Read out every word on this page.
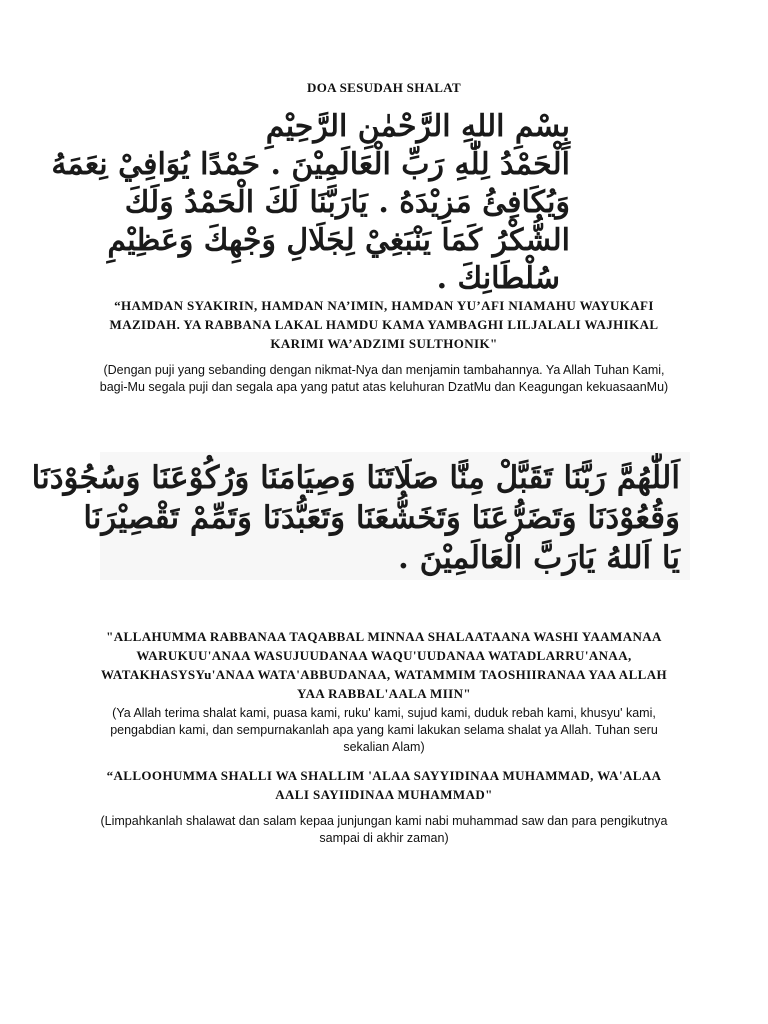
DOA SESUDAH SHALAT
بِسْمِ اللهِ الرَّحْمٰنِ الرَّحِيْمِ
اَلْحَمْدُ لِلّٰهِ رَبِّ الْعَالَمِيْنَ . حَمْدًا يُوَافِيْ نِعَمَهُ
وَيُكَافِئُ مَزِيْدَهُ . يَارَبَّنَا لَكَ الْحَمْدُ وَلَكَ
الشُّكْرُ كَمَا يَنْبَغِيْ لِجَلَالِ وَجْهِكَ وَعَظِيْمِ
سُلْطَانِكَ .
“HAMDAN SYAKIRIN, HAMDAN NA’IMIN, HAMDAN YU’AFI NIAMAHU WAYUKAFI MAZIDAH. YA RABBANA LAKAL HAMDU KAMA YAMBAGHI LILJALALI WAJHIKAL KARIMI WA’ADZIMI SULTHONIK"
(Dengan puji yang sebanding dengan nikmat-Nya dan menjamin tambahannya. Ya Allah Tuhan Kami, bagi-Mu segala puji dan segala apa yang patut atas keluhuran DzatMu dan Keagungan kekuasaanMu)
اَللّٰهُمَّ رَبَّنَا تَقَبَّلْ مِنَّا صَلَاتَنَا وَصِيَامَنَا وَرُكُوْعَنَا وَسُجُوْدَنَا
وَقُعُوْدَنَا وَتَضَرُّعَنَا وَتَخَشُّعَنَا وَتَعَبُّدَنَا وَتَمِّمْ تَقْصِيْرَنَا
يَا اَللهُ يَارَبَّ الْعَالَمِيْنَ .
"ALLAHUMMA RABBANAA TAQABBAL MINNAA SHALAATAANA WASHI YAAMANAA WARUKUU'ANAA WASUJUUDANAA WAQU'UUDANAA WATADLARRU'ANAA, WATAKHASYSYu'ANAA WATA'ABBUDANAA, WATAMMIM TAOSHIIRANAA YAA ALLAH YAA RABBAL'AALA MIIN"
(Ya Allah terima shalat kami, puasa kami, ruku' kami, sujud kami, duduk rebah kami, khusyu' kami, pengabdian kami, dan sempurnakanlah apa yang kami lakukan selama shalat ya Allah. Tuhan seru sekalian Alam)
“ALLOOHUMMA SHALLI WA SHALLIM 'ALAA SAYYIDINAA MUHAMMAD, WA'ALAA AALI SAYIIDINAA MUHAMMAD"
(Limpahkanlah shalawat dan salam kepaa junjungan kami nabi muhammad saw dan para pengikutnya sampai di akhir zaman)
